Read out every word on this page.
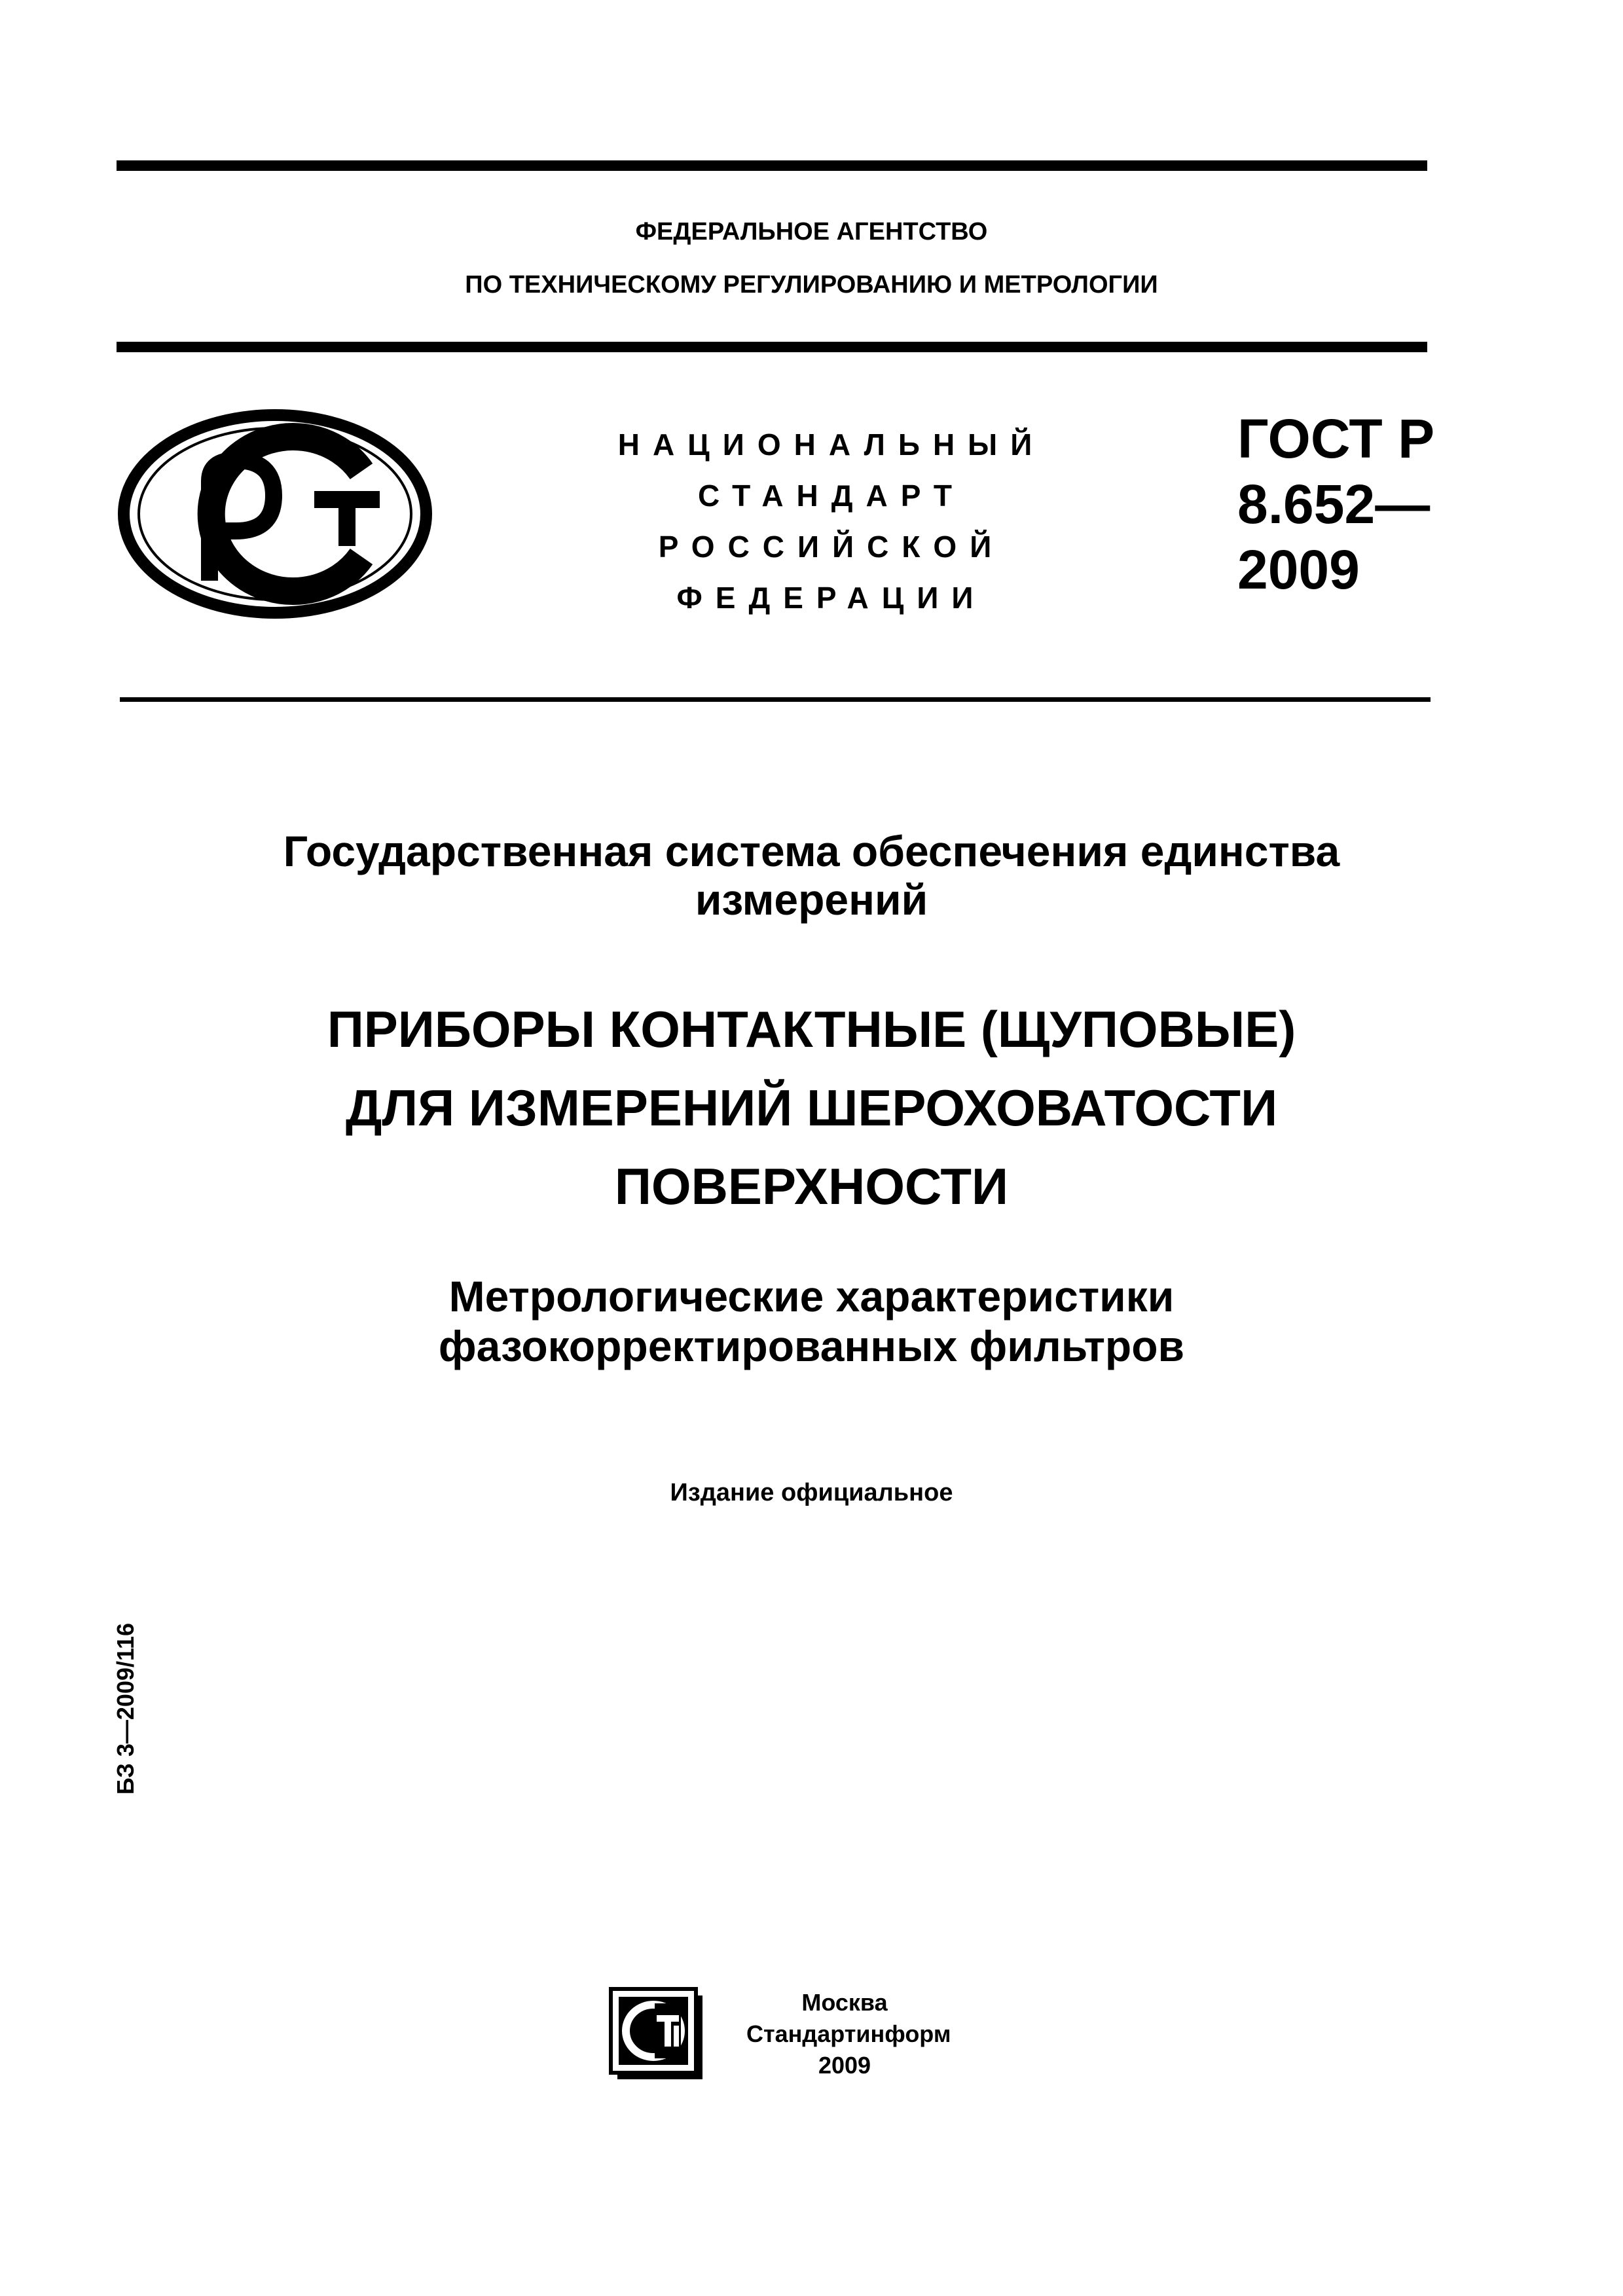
ФЕДЕРАЛЬНОЕ АГЕНТСТВО
ПО ТЕХНИЧЕСКОМУ РЕГУЛИРОВАНИЮ И МЕТРОЛОГИИ
НАЦИОНАЛЬНЫЙ
СТАНДАРТ
РОССИЙСКОЙ
ФЕДЕРАЦИИ
ГОСТ Р
8.652—
2009
Государственная система обеспечения единства
измерений
ПРИБОРЫ КОНТАКТНЫЕ (ЩУПОВЫЕ)
ДЛЯ ИЗМЕРЕНИЙ ШЕРОХОВАТОСТИ
ПОВЕРХНОСТИ
Метрологические характеристики
фазокорректированных фильтров
Издание официальное
БЗ 3—2009/116
Москва
Стандартинформ
2009
